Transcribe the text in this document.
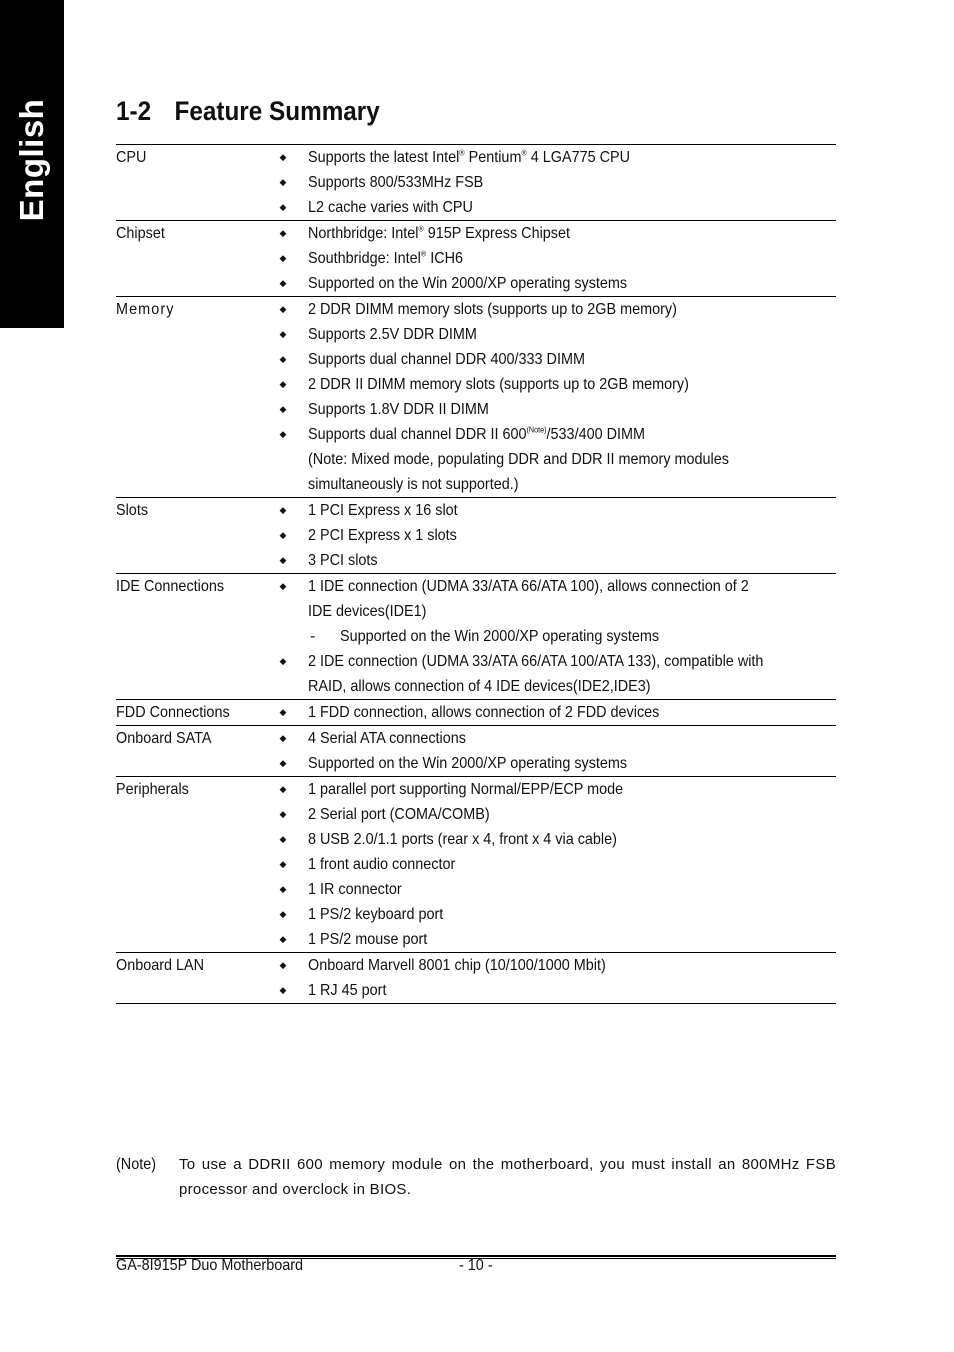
English 1-2 Feature Summary
CPU	◆ Supports the latest Intel® Pentium® 4 LGA775 CPU
◆ Supports 800/533MHz FSB
◆ L2 cache varies with CPU
Chipset	◆ Northbridge: Intel® 915P Express Chipset
◆ Southbridge: Intel® ICH6
◆ Supported on the Win 2000/XP operating systems
Memory	◆ 2 DDR DIMM memory slots (supports up to 2GB memory)
◆ Supports 2.5V DDR DIMM
◆ Supports dual channel DDR 400/333 DIMM
◆ 2 DDR II DIMM memory slots (supports up to 2GB memory)
◆ Supports 1.8V DDR II DIMM
◆ Supports dual channel DDR II $600^{(Note)}/533/400$ DIMM
(Note: Mixed mode, populating DDR and DDR II memory modules
simultaneously is not supported.)
Slots	◆ 1 PCI Express x 16 slot
◆ 2 PCI Express x 1 slots
◆ 3 PCI slots
IDE Connections	◆ 1 IDE connection (UDMA 33/ATA 66/ATA 100), allows connection of 2
IDE devices(IDE1)
- Supported on the Win 2000/XP operating systems
◆ 2 IDE connection (UDMA 33/ATA 66/ATA 100/ATA 133), compatible with
RAID, allows connection of 4 IDE devices(IDE2,IDE3)
FDD Connections	◆ 1 FDD connection, allows connection of 2 FDD devices
Onboard SATA	◆ 4 Serial ATA connections
◆ Supported on the Win 2000/XP operating systems
Peripherals	◆ 1 parallel port supporting Normal/EPP/ECP mode
◆ 2 Serial port (COMA/COMB)
◆ 8 USB 2.0/1.1 ports (rear x 4, front x 4 via cable)
◆ 1 front audio connector
◆ 1 IR connector
◆ 1 PS/2 keyboard port
◆ 1 PS/2 mouse port
Onboard LAN	◆ Onboard Marvell 8001 chip (10/100/1000 Mbit)
◆ 1 RJ 45 port
(Note) To use a DDRII 600 memory module on the motherboard, you must install an 800MHz FSB processor and overclock in BIOS.
GA-8I915P Duo Motherboard	- 10 -
